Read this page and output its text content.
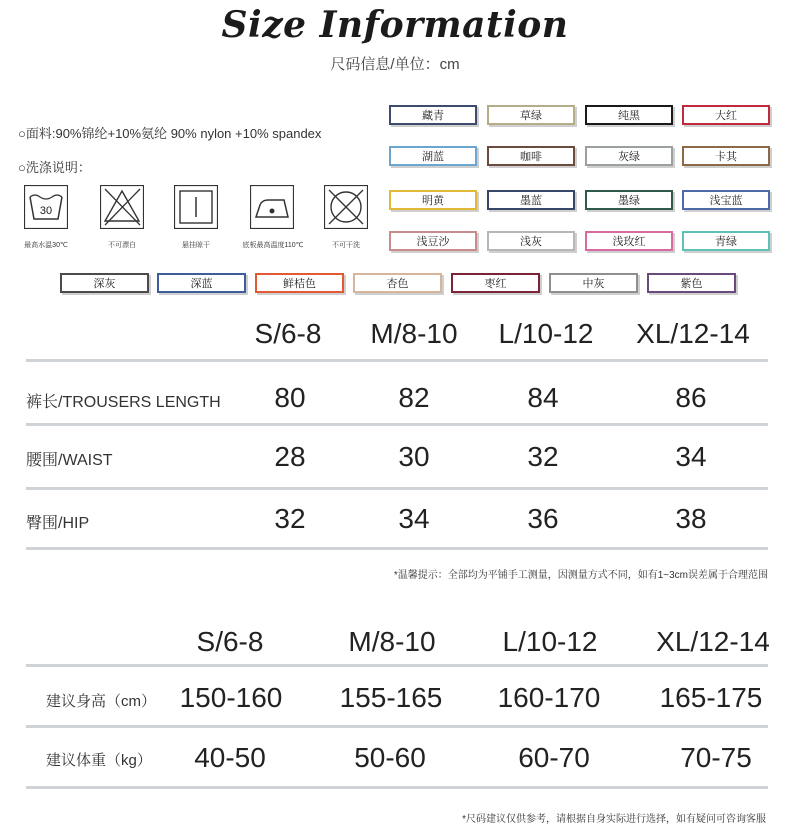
Size Information
尺码信息/单位：cm
○面料:90%锦纶+10%氨纶 90% nylon +10% spandex
○洗涤说明：
30
最高水温30℃	不可漂白	悬挂晾干	底板最高温度110℃	不可干洗
藏青	草绿	纯黑	大红
湖蓝	咖啡	灰绿	卡其
明黄	墨蓝	墨绿	浅宝蓝
浅豆沙	浅灰	浅玫红	青绿
深灰	深蓝	鲜桔色	杏色	枣红	中灰	紫色
S/6-8	M/8-10	L/10-12	XL/12-14
裤长/TROUSERS LENGTH	80	82	84	86
腰围/WAIST	28	30	32	34
臀围/HIP	32	34	36	38
*温馨提示：全部均为平铺手工测量，因测量方式不同，如有1~3cm误差属于合理范围
S/6-8	M/8-10	L/10-12	XL/12-14
建议身高（cm） 150-160	155-165	160-170	165-175
建议体重（kg）	40-50	50-60	60-70	70-75
*尺码建议仅供参考，请根据自身实际进行选择，如有疑问可咨询客服
